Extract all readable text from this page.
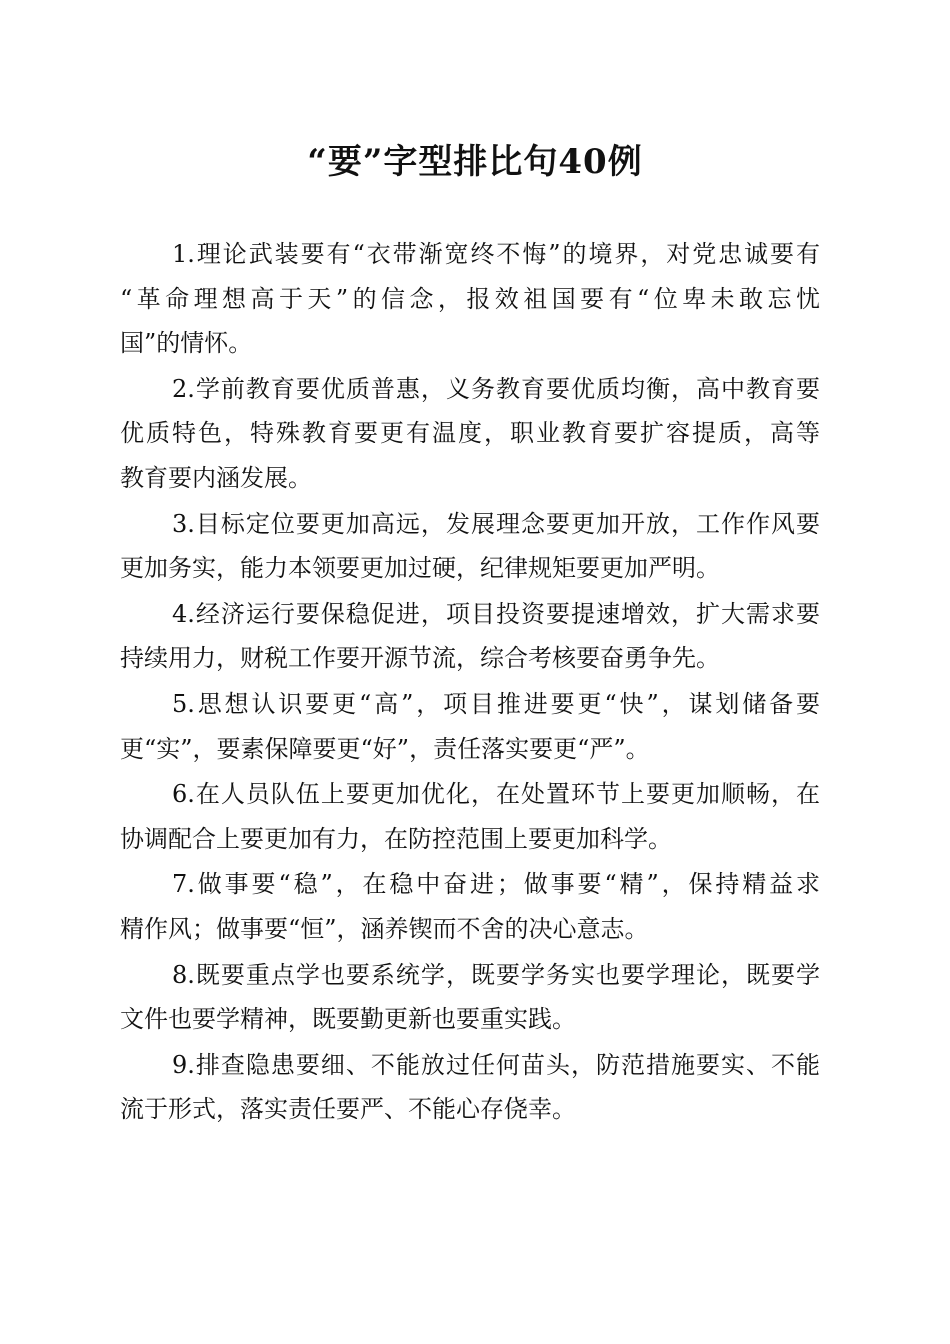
“要”字型排比句40例
1.理论武装要有“衣带渐宽终不悔”的境界，对党忠诚要有
“革命理想高于天”的信念，报效祖国要有“位卑未敢忘忧
国”的情怀。
2.学前教育要优质普惠，义务教育要优质均衡，高中教育要
优质特色，特殊教育要更有温度，职业教育要扩容提质，高等
教育要内涵发展。
3.目标定位要更加高远，发展理念要更加开放，工作作风要
更加务实，能力本领要更加过硬，纪律规矩要更加严明。
4.经济运行要保稳促进，项目投资要提速增效，扩大需求要
持续用力，财税工作要开源节流，综合考核要奋勇争先。
5.思想认识要更“高”，项目推进要更“快”，谋划储备要
更“实”，要素保障要更“好”，责任落实要更“严”。
6.在人员队伍上要更加优化，在处置环节上要更加顺畅，在
协调配合上要更加有力，在防控范围上要更加科学。
7.做事要“稳”，在稳中奋进；做事要“精”，保持精益求
精作风；做事要“恒”，涵养锲而不舍的决心意志。
8.既要重点学也要系统学，既要学务实也要学理论，既要学
文件也要学精神，既要勤更新也要重实践。
9.排查隐患要细、不能放过任何苗头，防范措施要实、不能
流于形式，落实责任要严、不能心存侥幸。
